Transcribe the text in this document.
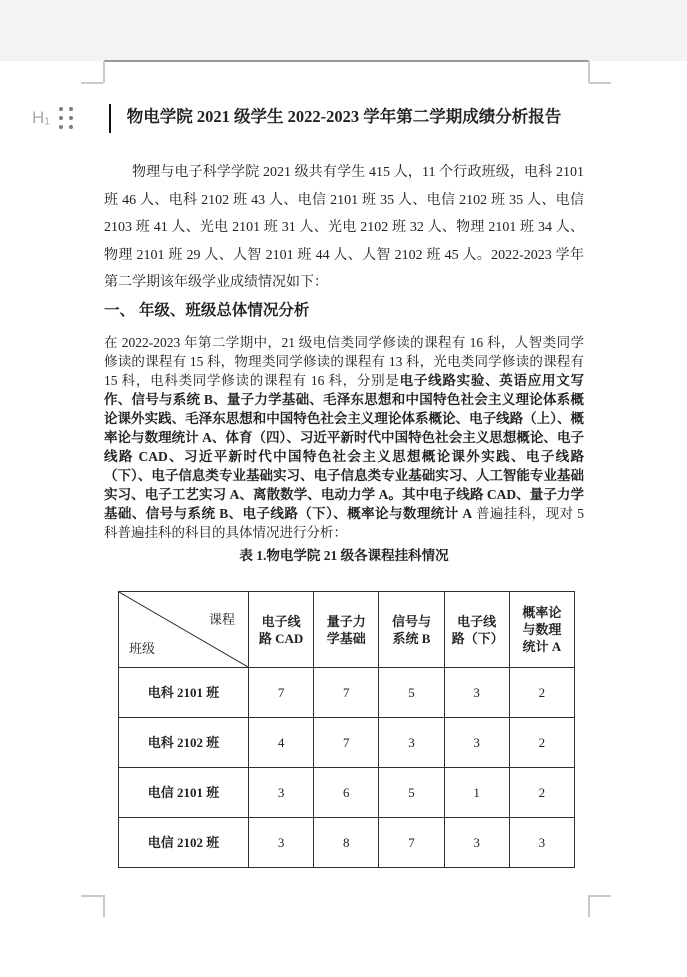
H₁	物电学院 2021 级学生 2022-2023 学年第二学期成绩分析报告

物理与电子科学学院 2021 级共有学生 415 人，11 个行政班级，电科 2101 班 46 人、电科 2102 班 43 人、电信 2101 班 35 人、电信 2102 班 35 人、电信 2103 班 41 人、光电 2101 班 31 人、光电 2102 班 32 人、物理 2101 班 34 人、物理 2101 班 29 人、人智 2101 班 44 人、人智 2102 班 45 人。2022-2023 学年第二学期该年级学业成绩情况如下：

一、 年级、班级总体情况分析

在 2022-2023 年第二学期中，21 级电信类同学修读的课程有 16 科，人智类同学修读的课程有 15 科，物理类同学修读的课程有 13 科，光电类同学修读的课程有 15 科，电科类同学修读的课程有 16 科，分别是电子线路实验、英语应用文写作、信号与系统 B、量子力学基础、毛泽东思想和中国特色社会主义理论体系概论课外实践、毛泽东思想和中国特色社会主义理论体系概论、电子线路（上）、概率论与数理统计 A、体育（四）、习近平新时代中国特色社会主义思想概论、电子线路 CAD、习近平新时代中国特色社会主义思想概论课外实践、电子线路（下）、电子信息类专业基础实习、电子信息类专业基础实习、人工智能专业基础实习、电子工艺实习 A、离散数学、电动力学 A。其中电子线路 CAD、量子力学基础、信号与系统 B、电子线路（下）、概率论与数理统计 A 普遍挂科，现对 5 科普遍挂科的科目的具体情况进行分析：

表 1.物电学院 21 级各课程挂科情况

课程
班级	电子线路 CAD	量子力学基础	信号与系统 B	电子线路（下）	概率论与数理统计 A
电科 2101 班	7	7	5	3	2
电科 2102 班	4	7	3	3	2
电信 2101 班	3	6	5	1	2
电信 2102 班	3	8	7	3	3
